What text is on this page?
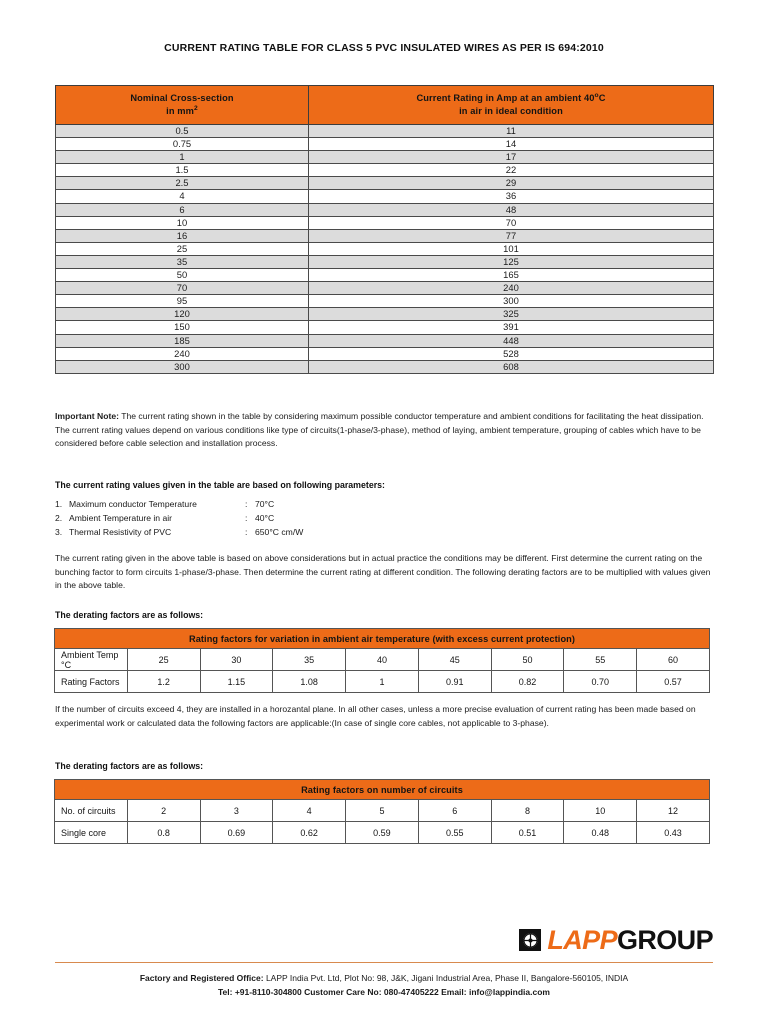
CURRENT RATING TABLE FOR CLASS 5 PVC INSULATED WIRES AS PER IS 694:2010
Nominal Cross-section
in $mm^2$	Current Rating in Amp at an ambient 40$^o$C
in air in ideal condition
0.5	11
0.75	14
1	17
1.5	22
2.5	29
4	36
6	48
10	70
16	77
25	101
35	125
50	165
70	240
95	300
120	325
150	391
185	448
240	528
300	608
Important Note: The current rating shown in the table by considering maximum possible conductor temperature and ambient conditions for facilitating the heat dissipation. The current rating values depend on various conditions like type of circuits(1-phase/3-phase), method of laying, ambient temperature, grouping of cables which have to be considered before cable selection and installation process.
The current rating values given in the table are based on following parameters:
1. Maximum conductor Temperature	: 70°C
2. Ambient Temperature in air	: 40°C
3. Thermal Resistivity of PVC	: 650°C cm/W
The current rating given in the above table is based on above considerations but in actual practice the conditions may be different. First determine the current rating on the bunching factor to form circuits 1-phase/3-phase. Then determine the current rating at different condition. The following derating factors are to be multiplied with values given in the above table.
The derating factors are as follows:
Rating factors for variation in ambient air temperature (with excess current protection)								
Ambient Temp °C	25	30	35	40	45	50	55	60
Rating Factors	1.2	1.15	1.08	1	0.91	0.82	0.70	0.57
If the number of circuits exceed 4, they are installed in a horozantal plane. In all other cases, unless a more precise evaluation of current rating has been made based on experimental work or calculated data the following factors are applicable:(In case of single core cables, not applicable to 3-phase).
The derating factors are as follows:
Rating factors on number of circuits								
No. of circuits	2	3	4	5	6	8	10	12
Single core	0.8	0.69	0.62	0.59	0.55	0.51	0.48	0.43
LAPPGROUP
Factory and Registered Office: LAPP India Pvt. Ltd, Plot No: 98, J&K, Jigani Industrial Area, Phase II, Bangalore-560105, INDIA
Tel: +91-8110-304800 Customer Care No: 080-47405222 Email: info@lappindia.com
